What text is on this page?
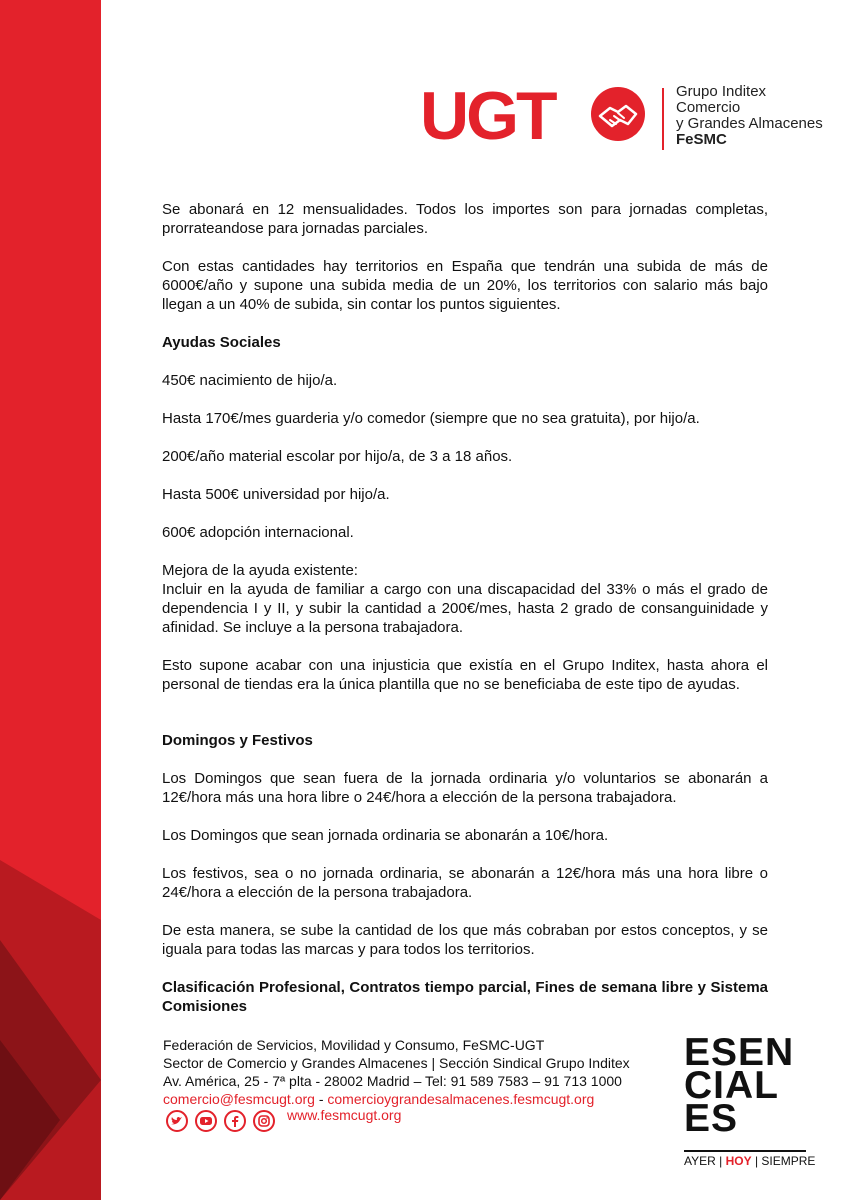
UGT	Grupo Inditex
Comercio
y Grandes Almacenes
FeSMC

Se abonará en 12 mensualidades. Todos los importes son para jornadas completas, prorrateandose para jornadas parciales.

Con estas cantidades hay territorios en España que tendrán una subida de más de 6000€/año y supone una subida media de un 20%, los territorios con salario más bajo llegan a un 40% de subida, sin contar los puntos siguientes.

Ayudas Sociales

450€ nacimiento de hijo/a.

Hasta 170€/mes guarderia y/o comedor (siempre que no sea gratuita), por hijo/a.

200€/año material escolar por hijo/a, de 3 a 18 años.

Hasta 500€ universidad por hijo/a.

600€ adopción internacional.

Mejora de la ayuda existente:

Incluir en la ayuda de familiar a cargo con una discapacidad del 33% o más el grado de dependencia I y II, y subir la cantidad a 200€/mes, hasta 2 grado de consanguinidade y afinidad. Se incluye a la persona trabajadora.

Esto supone acabar con una injusticia que existía en el Grupo Inditex, hasta ahora el personal de tiendas era la única plantilla que no se beneficiaba de este tipo de ayudas.

Domingos y Festivos

Los Domingos que sean fuera de la jornada ordinaria y/o voluntarios se abonarán a 12€/hora más una hora libre o 24€/hora a elección de la persona trabajadora.

Los Domingos que sean jornada ordinaria se abonarán a 10€/hora.

Los festivos, sea o no jornada ordinaria, se abonarán a 12€/hora más una hora libre o 24€/hora a elección de la persona trabajadora.

De esta manera, se sube la cantidad de los que más cobraban por estos conceptos, y se iguala para todas las marcas y para todos los territorios.

Clasificación Profesional, Contratos tiempo parcial, Fines de semana libre y Sistema Comisiones

Federación de Servicios, Movilidad y Consumo, FeSMC-UGT
Sector de Comercio y Grandes Almacenes | Sección Sindical Grupo Inditex
Av. América, 25 - 7ª plta - 28002 Madrid – Tel: 91 589 7583 – 91 713 1000
comercio@fesmcugt.org - comercioygrandesalmacenes.fesmcugt.org
www.fesmcugt.org
ESEN
CIAL
ES
AYER | HOY | SIEMPRE
